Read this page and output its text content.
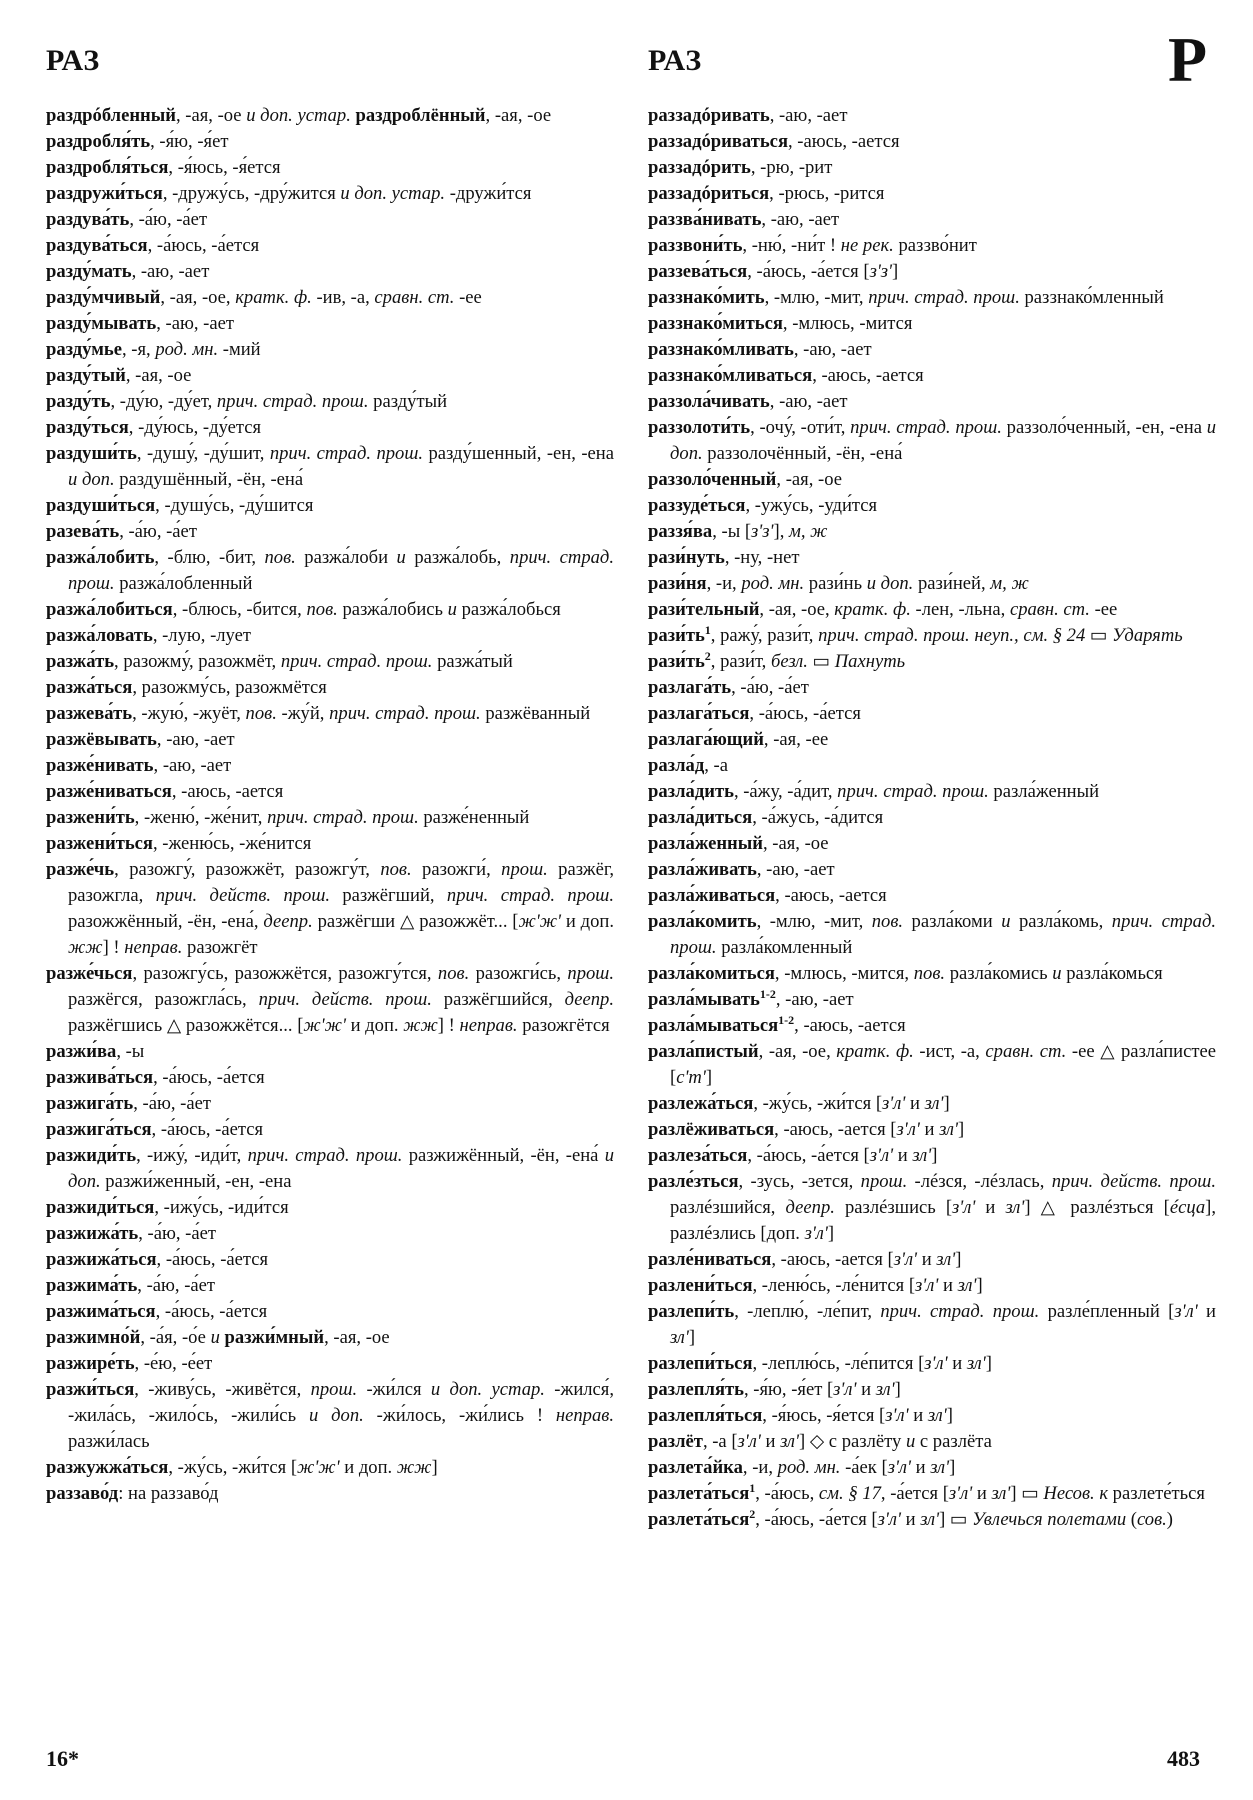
РАЗ	РАЗ	Р

раздрóбленный, -ая, -ое и доп. устар. раздроблённый, -ая, -ое

раздробля́ть, -я́ю, -я́ет

раздробля́ться, -я́юсь, -я́ется

раздружи́ться, -дружу́сь, -дру́жится и доп. устар. -дружи́тся

раздува́ть, -а́ю, -а́ет

раздува́ться, -а́юсь, -а́ется

разду́мать, -аю, -ает

разду́мчивый, -ая, -ое, кратк. ф. -ив, -а, сравн. ст. -ее

разду́мывать, -аю, -ает

разду́мье, -я, род. мн. -мий

разду́тый, -ая, -ое

разду́ть, -ду́ю, -ду́ет, прич. страд. прош. разду́тый

разду́ться, -ду́юсь, -ду́ется

раздуши́ть, -душу́, -ду́шит, прич. страд. прош. разду́шенный, -ен, -ена и доп. раздушённый, -ён, -ена́

раздуши́ться, -душу́сь, -ду́шится

разева́ть, -а́ю, -а́ет

разжа́лобить, -блю, -бит, пов. разжа́лоби и разжа́лобь, прич. страд. прош. разжа́лобленный

разжа́лобиться, -блюсь, -бится, пов. разжа́лобись и разжа́лобься

разжа́ловать, -лую, -лует

разжа́ть, разожму́, разожмёт, прич. страд. прош. разжа́тый

разжа́ться, разожму́сь, разожмётся

разжева́ть, -жую́, -жуёт, пов. -жу́й, прич. страд. прош. разжёванный

разжёвывать, -аю, -ает

разже́нивать, -аю, -ает

разже́ниваться, -аюсь, -ается

разжени́ть, -женю́, -же́нит, прич. страд. прош. разже́ненный

разжени́ться, -женю́сь, -же́нится

разже́чь, разожгу́, разожжёт, разожгу́т, пов. разожги́, прош. разжёг, разожгла, прич. действ. прош. разжёгший, прич. страд. прош. разожжённый, -ён, -ена́, деепр. разжёгши △ разожжёт... [ж'ж' и доп. жж] ! неправ. разожгёт

разже́чься, разожгу́сь, разожжётся, разожгу́тся, пов. разожги́сь, прош. разжёгся, разожгла́сь, прич. действ. прош. разжёгшийся, деепр. разжёгшись △ разожжётся... [ж'ж' и доп. жж] ! неправ. разожгётся

разжи́ва, -ы

разжива́ться, -а́юсь, -а́ется

разжига́ть, -а́ю, -а́ет

разжига́ться, -а́юсь, -а́ется

разжиди́ть, -ижу́, -иди́т, прич. страд. прош. разжижённый, -ён, -ена́ и доп. разжи́женный, -ен, -ена

разжиди́ться, -ижу́сь, -иди́тся

разжижа́ть, -а́ю, -а́ет

разжижа́ться, -а́юсь, -а́ется

разжима́ть, -а́ю, -а́ет

разжима́ться, -а́юсь, -а́ется

разжимно́й, -а́я, -о́е и разжи́мный, -ая, -ое

разжире́ть, -е́ю, -е́ет

разжи́ться, -живу́сь, -живётся, прош. -жи́лся и доп. устар. -жился́, -жила́сь, -жило́сь, -жили́сь и доп. -жи́лось, -жи́лись ! неправ. разжи́лась

разжужжа́ться, -жу́сь, -жи́тся [ж'ж' и доп. жж]

раззаво́д: на раззаво́д

раззадóривать, -аю, -ает

раззадóриваться, -аюсь, -ается

раззадóрить, -рю, -рит

раззадóриться, -рюсь, -рится

раззва́нивать, -аю, -ает

раззвони́ть, -ню́, -ни́т ! не рек. раззво́нит

раззева́ться, -а́юсь, -а́ется [з'з']

раззнако́мить, -млю, -мит, прич. страд. прош. раззнако́мленный

раззнако́миться, -млюсь, -мится

раззнако́мливать, -аю, -ает

раззнако́мливаться, -аюсь, -ается

раззола́чивать, -аю, -ает

раззолоти́ть, -очу́, -оти́т, прич. страд. прош. раззоло́ченный, -ен, -ена и доп. раззолочённый, -ён, -ена́

раззоло́ченный, -ая, -ое

раззуде́ться, -ужу́сь, -уди́тся

раззя́ва, -ы [з'з'], м, ж

рази́нуть, -ну, -нет

рази́ня, -и, род. мн. рази́нь и доп. рази́ней, м, ж

рази́тельный, -ая, -ое, кратк. ф. -лен, -льна, сравн. ст. -ее

$рази́ть^1$, ражу́, рази́т, прич. страд. прош. неуп., см. § 24 ▭ Ударять

$рази́ть^2$, рази́т, безл. ▭ Пахнуть

разлага́ть, -а́ю, -а́ет

разлага́ться, -а́юсь, -а́ется

разлага́ющий, -ая, -ее

разла́д, -а

разла́дить, -а́жу, -а́дит, прич. страд. прош. разла́женный

разла́диться, -а́жусь, -а́дится

разла́женный, -ая, -ое

разла́живать, -аю, -ает

разла́живаться, -аюсь, -ается

разла́комить, -млю, -мит, пов. разла́коми и разла́комь, прич. страд. прош. разла́комленный

разла́комиться, -млюсь, -мится, пов. разла́комись и разла́комься

разла́мывать$^{1-2}$, -аю, -ает

разла́мываться$^{1-2}$, -аюсь, -ается

разла́пистый, -ая, -ое, кратк. ф. -ист, -а, сравн. ст. -ее △ разла́пистее [с'т']

разлежа́ться, -жу́сь, -жи́тся [з'л' и зл']

разлёживаться, -аюсь, -ается [з'л' и зл']

разлеза́ться, -а́юсь, -а́ется [з'л' и зл']

разле́зться, -зусь, -зется, прош. -лéзся, -лéзлась, прич. действ. прош. разлéзшийся, деепр. разлéзшись [з'л' и зл'] △ разлéзться [éсца], разлéзлись [доп. з'л']

разле́ниваться, -аюсь, -ается [з'л' и зл']

разлени́ться, -леню́сь, -ле́нится [з'л' и зл']

разлепи́ть, -леплю́, -ле́пит, прич. страд. прош. разле́пленный [з'л' и зл']

разлепи́ться, -леплю́сь, -ле́пится [з'л' и зл']

разлепля́ть, -я́ю, -я́ет [з'л' и зл']

разлепля́ться, -я́юсь, -я́ется [з'л' и зл']

разлёт, -а [з'л' и зл'] ◇ с разлёту и с разлёта

разлета́йка, -и, род. мн. -а́ек [з'л' и зл']

разлета́ться$^1$, -а́юсь, см. § 17, -а́ется [з'л' и зл'] ▭ Несов. к разлете́ться

разлета́ться$^2$, -а́юсь, -а́ется [з'л' и зл'] ▭ Увлечься полетами (сов.)

16*	483
